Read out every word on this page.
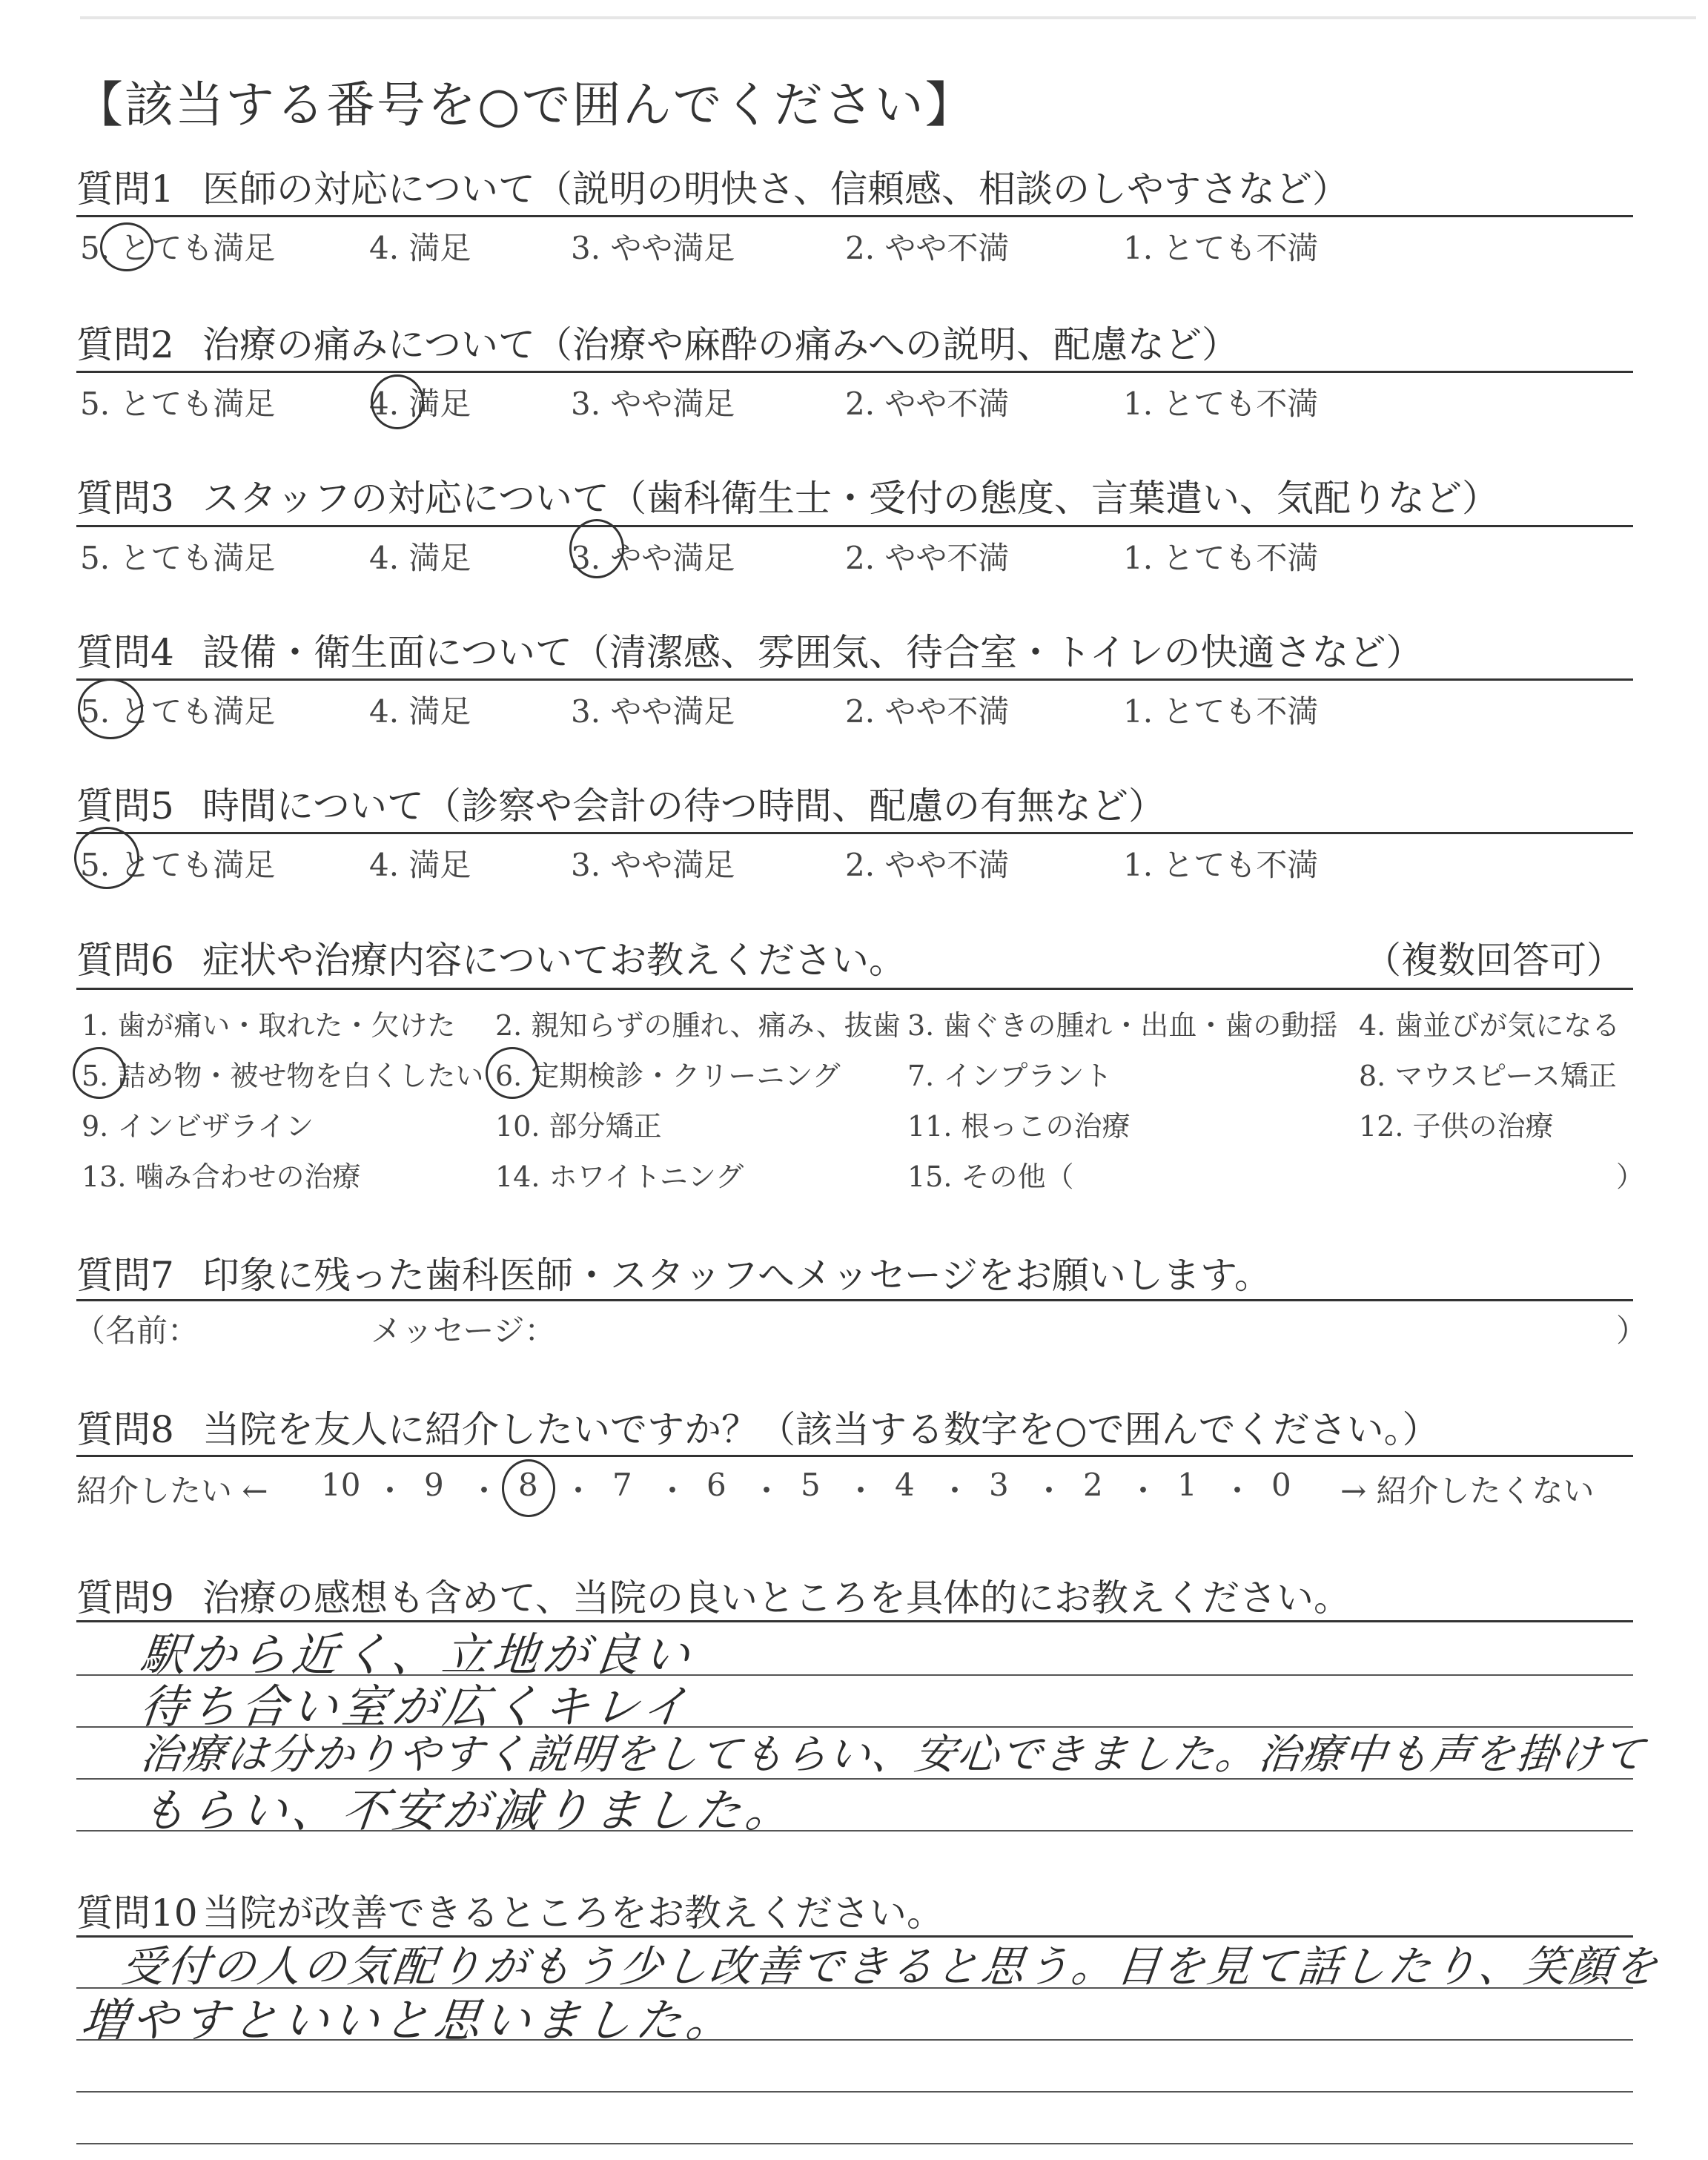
【該当する番号を○で囲んでください】
質問1 医師の対応について（説明の明快さ、信頼感、相談のしやすさなど）
5. とても満足	4. 満足	3. やや満足	2. やや不満	1. とても不満
質問2 治療の痛みについて（治療や麻酔の痛みへの説明、配慮など）
5. とても満足	4. 満足	3. やや満足	2. やや不満	1. とても不満
質問3 スタッフの対応について（歯科衛生士・受付の態度、言葉遣い、気配りなど）
5. とても満足	4. 満足	3. やや満足	2. やや不満	1. とても不満
質問4 設備・衛生面について（清潔感、雰囲気、待合室・トイレの快適さなど）
5. とても満足	4. 満足	3. やや満足	2. やや不満	1. とても不満
質問5 時間について（診察や会計の待つ時間、配慮の有無など）
5. とても満足	4. 満足	3. やや満足	2. やや不満	1. とても不満
質問6 症状や治療内容についてお教えください。	（複数回答可）
1. 歯が痛い・取れた・欠けた 2. 親知らずの腫れ、痛み、抜歯 3. 歯ぐきの腫れ・出血・歯の動揺 4. 歯並びが気になる
5. 詰め物・被せ物を白くしたい 6. 定期検診・クリーニング 7. インプラント	8. マウスピース矯正
9. インビザライン	10. 部分矯正	11. 根っこの治療	12. 子供の治療
13. 噛み合わせの治療	14. ホワイトニング	15. その他（	）
質問7 印象に残った歯科医師・スタッフへメッセージをお願いします。
（名前：	メッセージ：	）
質問8 当院を友人に紹介したいですか？（該当する数字を○で囲んでください。）
紹介したい ←	→ 紹介したくない
10 ・ 9 ・ 8 ・ 7 ・ 6 ・ 5 ・ 4 ・ 3 ・ 2 ・ 1 ・ 0
質問9 治療の感想も含めて、当院の良いところを具体的にお教えください。
駅から近く、立地が良い
待ち合い室が広くキレイ
治療は分かりやすく説明をしてもらい、安心できました。治療中も声を掛けて
もらい、不安が減りました。
質問10 当院が改善できるところをお教えください。
受付の人の気配りがもう少し改善できると思う。目を見て話したり、笑顔を
増やすといいと思いました。
